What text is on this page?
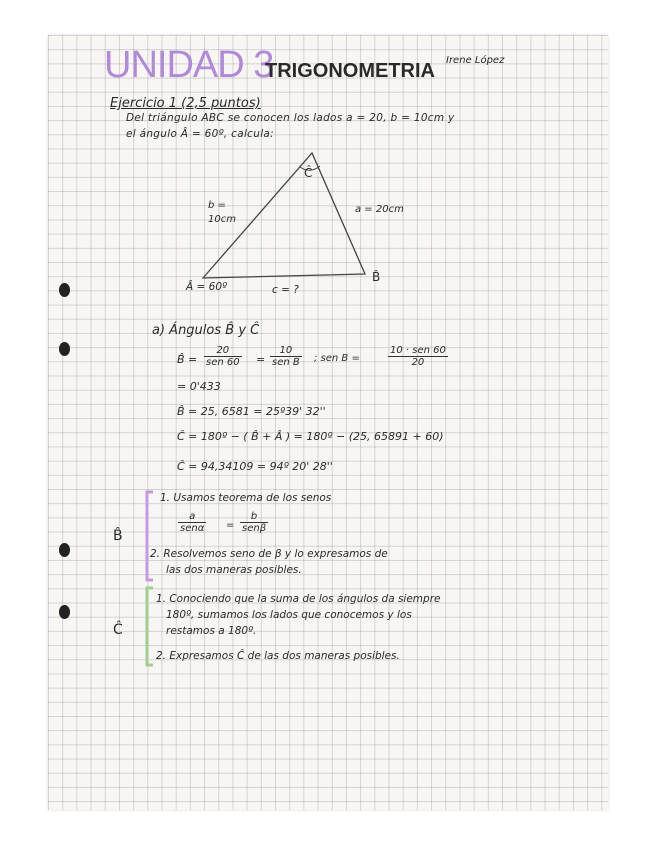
UNIDAD 3
TRIGONOMETRIA Irene López
Ejercicio 1 (2,5 puntos)
Del triángulo ABC se conocen los lados a = 20, b = 10cm y
el ángulo Â = 60º, calcula:
Ĉ
b =
10cm
a = 20cm
Â = 60º	c = ?
B̂
a) Ángulos B̂ y Ĉ
B̂ =
20
sen 60 =
10
sen B̂ ; sen B =
10 · sen 60
20
= 0'433
B̂ = 25, 6581 = 25º39' 32''
Ĉ = 180º − ( B̂ + Â ) = 180º − (25, 65891 + 60)
Ĉ = 94,34109 = 94º 20' 28''
B̂
1. Usamos teorema de los senos
a
senα =
b
senβ
2. Resolvemos seno de β y lo expresamos de
las dos maneras posibles.
Ĉ
1. Conociendo que la suma de los ángulos da siempre
180º, sumamos los lados que conocemos y los
restamos a 180º.
2. Expresamos Ĉ de las dos maneras posibles.
